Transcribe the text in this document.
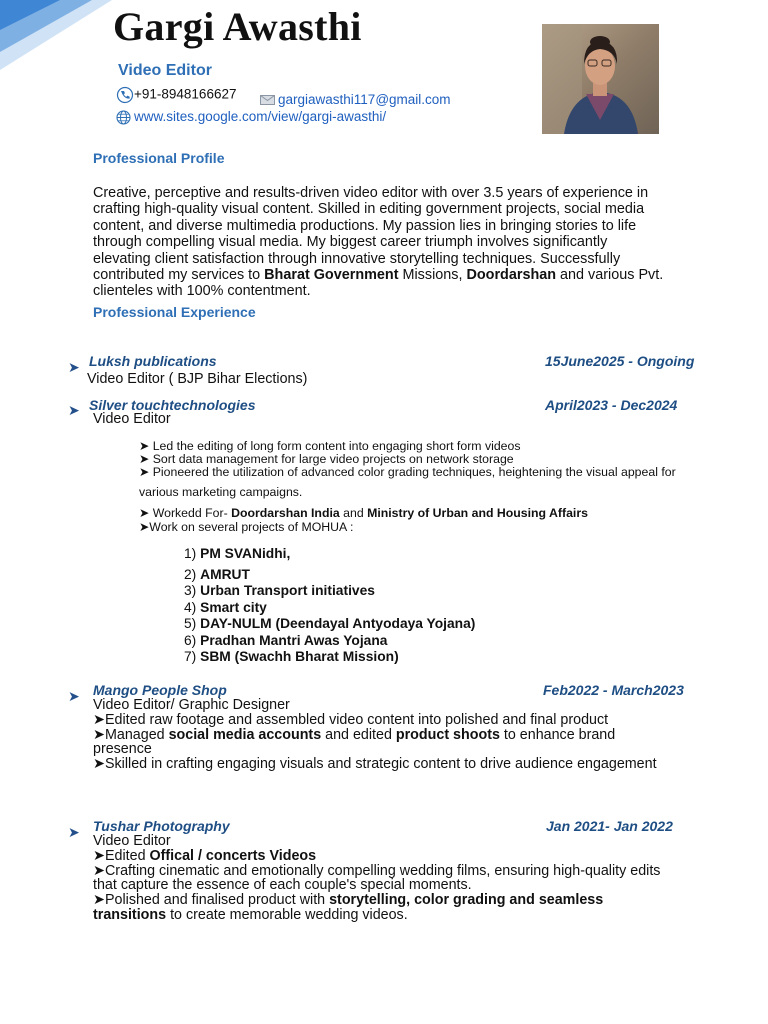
Gargi Awasthi
Video Editor
+91-8948166627	gargiawasthi117@gmail.com
www.sites.google.com/view/gargi-awasthi/
Professional Profile
Creative, perceptive and results-driven video editor with over 3.5 years of experience in
crafting high-quality visual content. Skilled in editing government projects, social media
content, and diverse multimedia productions. My passion lies in bringing stories to life
through compelling visual media. My biggest career triumph involves significantly
elevating client satisfaction through innovative storytelling techniques. Successfully
contributed my services to Bharat Government Missions, Doordarshan and various Pvt.
clienteles with 100% contentment.
Professional Experience
➤ Luksh publications	15June2025 - Ongoing
Video Editor ( BJP Bihar Elections)
➤ Silver touchtechnologies	April2023 - Dec2024
Video Editor
➤ Led the editing of long form content into engaging short form videos
➤ Sort data management for large video projects on network storage
➤ Pioneered the utilization of advanced color grading techniques, heightening the visual appeal for
various marketing campaigns.
➤ Workedd For- Doordarshan India and Ministry of Urban and Housing Affairs
➤Work on several projects of MOHUA :
1) PM SVANidhi,
2) AMRUT
3) Urban Transport initiatives
4) Smart city
5) DAY-NULM (Deendayal Antyodaya Yojana)
6) Pradhan Mantri Awas Yojana
7) SBM (Swachh Bharat Mission)
➤ Mango People Shop	Feb2022 - March2023
Video Editor/ Graphic Designer
➤Edited raw footage and assembled video content into polished and final product
➤Managed social media accounts and edited product shoots to enhance brand
presence
➤Skilled in crafting engaging visuals and strategic content to drive audience engagement
➤ Tushar Photography	Jan 2021- Jan 2022
Video Editor
➤Edited Offical / concerts Videos
➤Crafting cinematic and emotionally compelling wedding films, ensuring high-quality edits
that capture the essence of each couple's special moments.
➤Polished and finalised product with storytelling, color grading and seamless
transitions to create memorable wedding videos.
